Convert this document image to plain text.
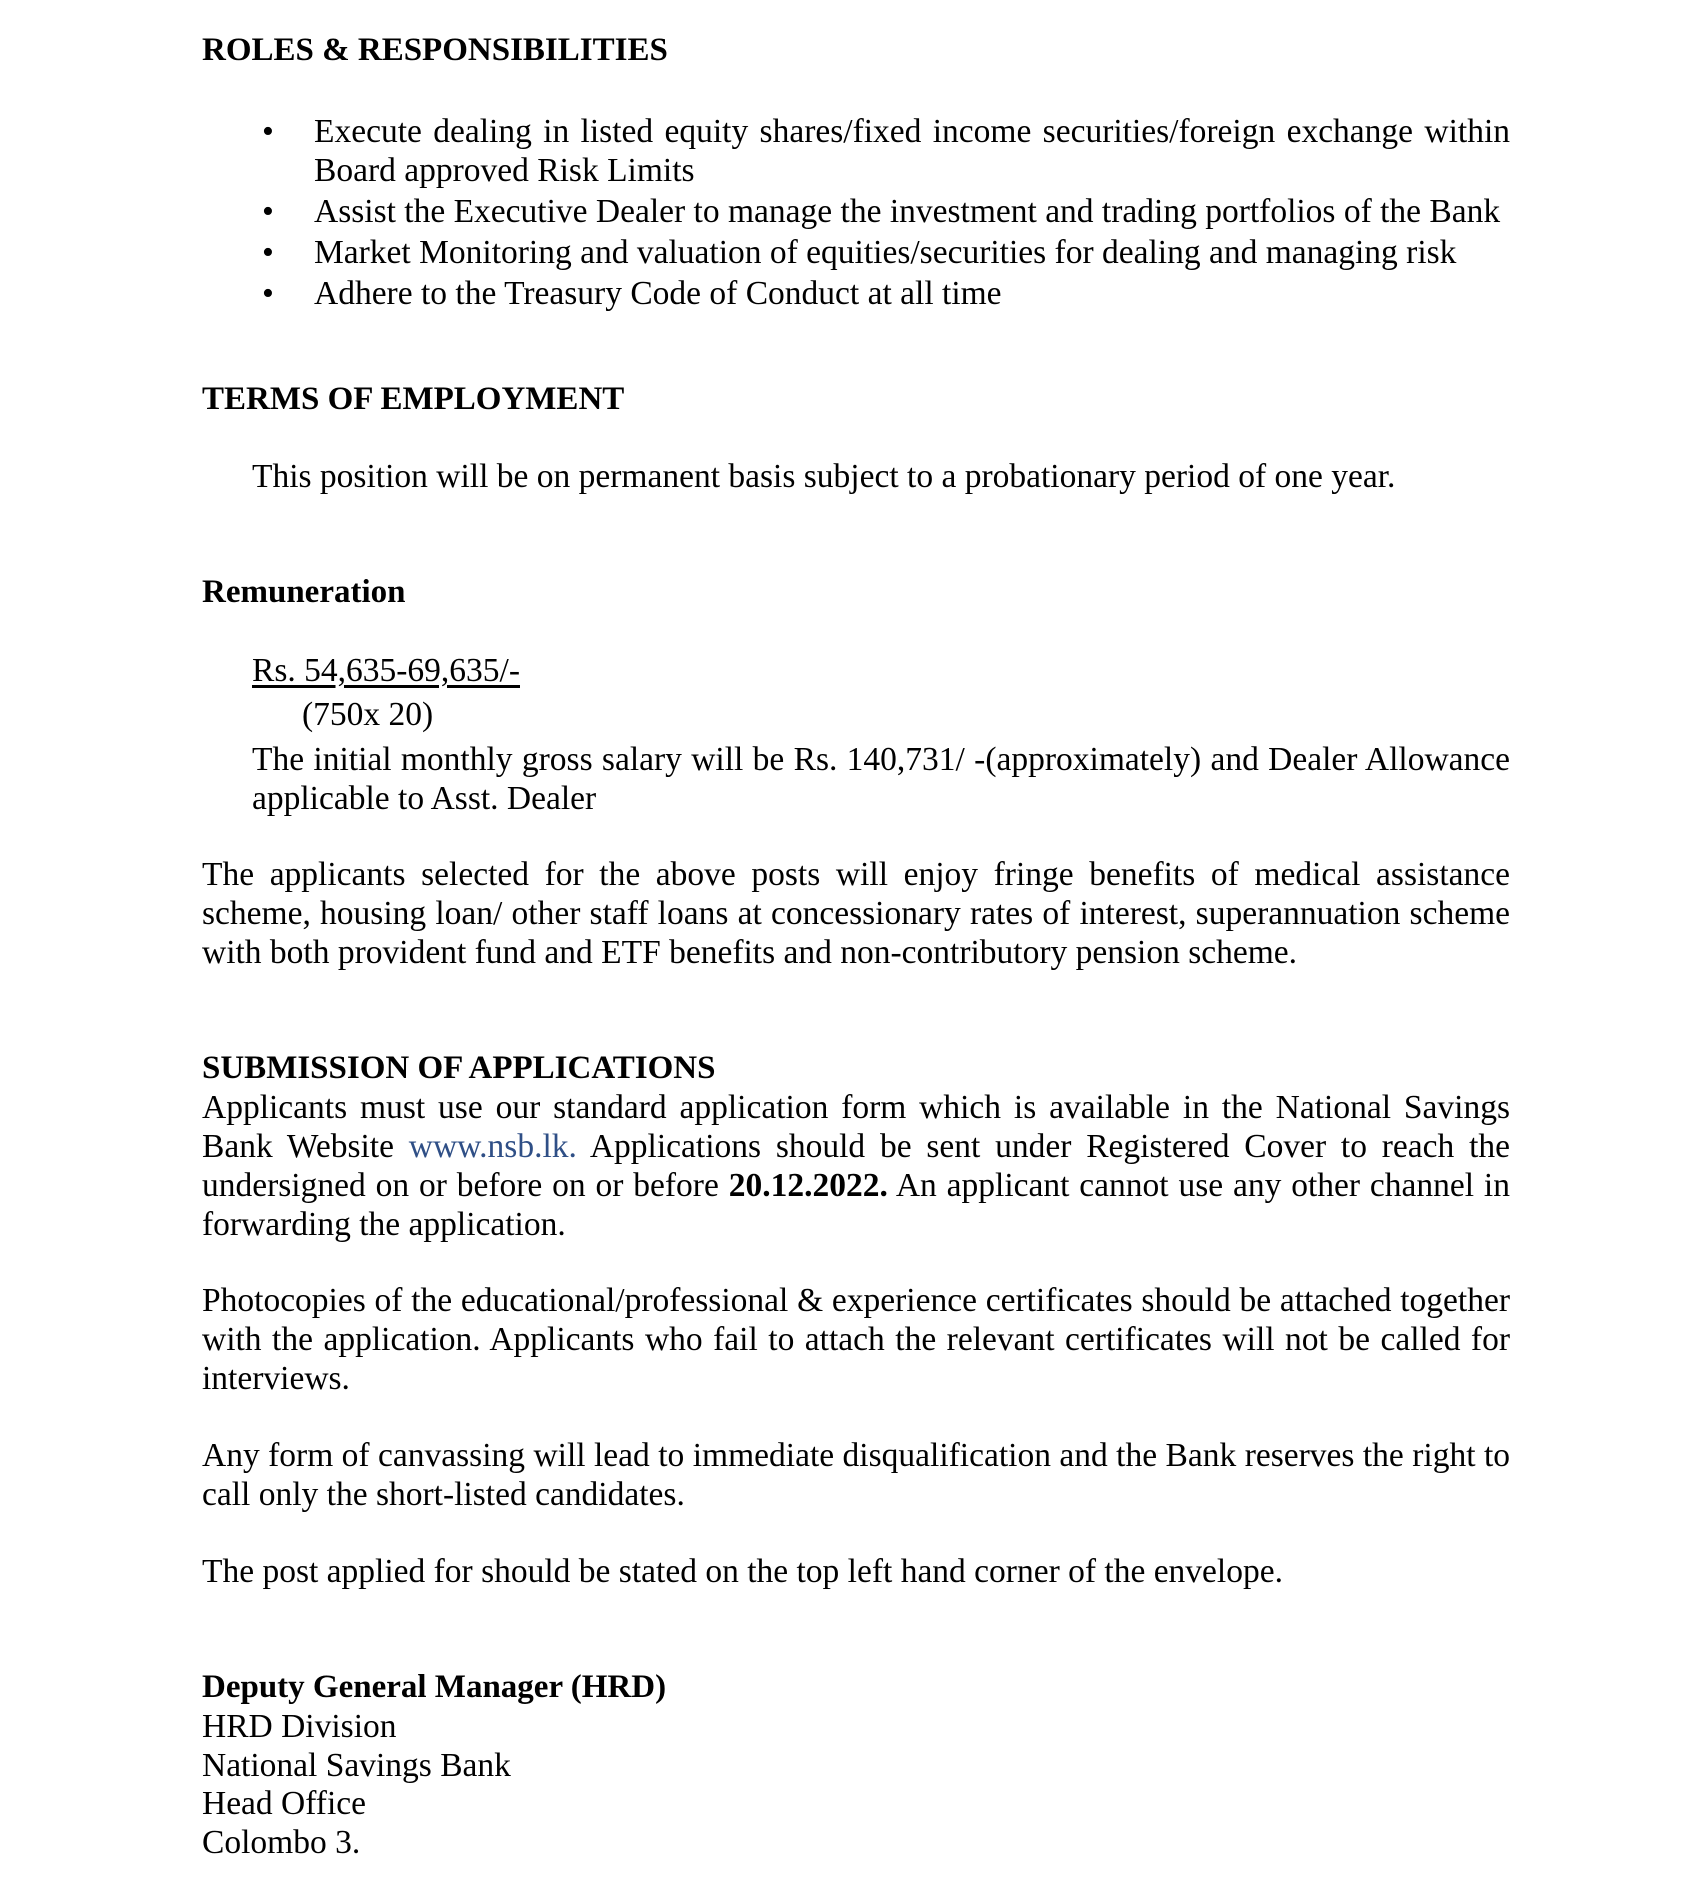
ROLES & RESPONSIBILITIES
•	Execute dealing in listed equity shares/fixed income securities/foreign exchange within Board approved Risk Limits
•	Assist the Executive Dealer to manage the investment and trading portfolios of the Bank
•	Market Monitoring and valuation of equities/securities for dealing and managing risk
•	Adhere to the Treasury Code of Conduct at all time
TERMS OF EMPLOYMENT
This position will be on permanent basis subject to a probationary period of one year.
Remuneration
Rs. 54,635-69,635/-
(750x 20)
The initial monthly gross salary will be Rs. 140,731/ -(approximately) and Dealer Allowance applicable to Asst. Dealer
The applicants selected for the above posts will enjoy fringe benefits of medical assistance scheme, housing loan/ other staff loans at concessionary rates of interest, superannuation scheme with both provident fund and ETF benefits and non-contributory pension scheme.
SUBMISSION OF APPLICATIONS
Applicants must use our standard application form which is available in the National Savings Bank Website www.nsb.lk. Applications should be sent under Registered Cover to reach the undersigned on or before on or before 20.12.2022. An applicant cannot use any other channel in forwarding the application.
Photocopies of the educational/professional & experience certificates should be attached together with the application. Applicants who fail to attach the relevant certificates will not be called for interviews.
Any form of canvassing will lead to immediate disqualification and the Bank reserves the right to call only the short-listed candidates.
The post applied for should be stated on the top left hand corner of the envelope.
Deputy General Manager (HRD)
HRD Division
National Savings Bank
Head Office
Colombo 3.
